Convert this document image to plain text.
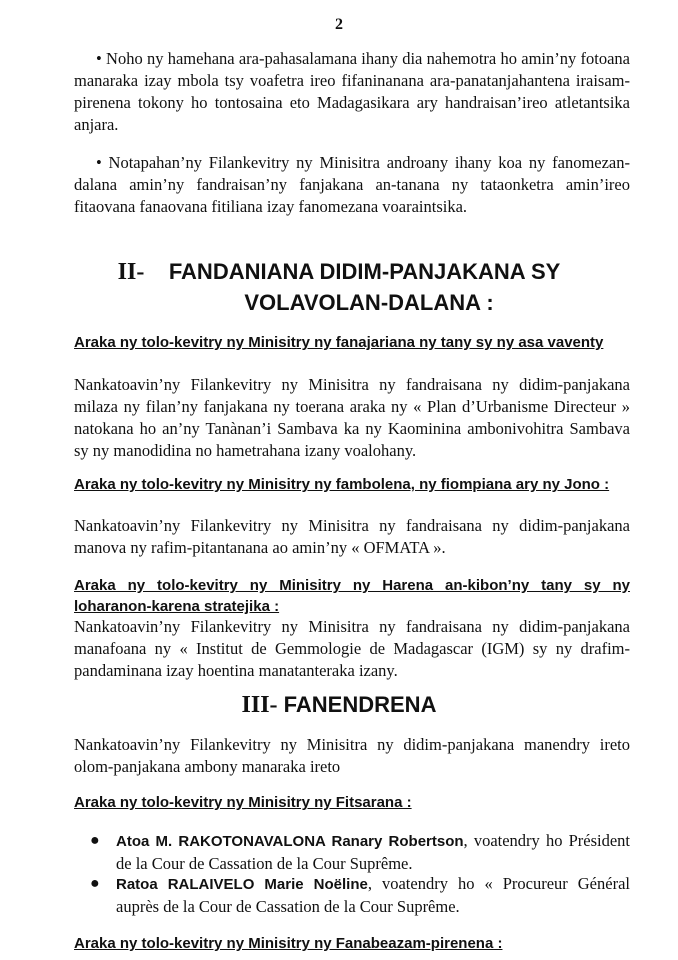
2

• Noho ny hamehana ara-pahasalamana ihany dia nahemotra ho amin’ny fotoana manaraka izay mbola tsy voafetra ireo fifaninanana ara-panatanjahantena iraisam-pirenena tokony ho tontosaina eto Madagasikara ary handraisan’ireo atletantsika anjara.

• Notapahan’ny Filankevitry ny Minisitra androany ihany koa ny fanomezan-dalana amin’ny fandraisan’ny fanjakana an-tanana ny tataonketra amin’ireo fitaovana fanaovana fitiliana izay fanomezana voaraintsika.

II- FANDANIANA DIDIM-PANJAKANA SY
VOLAVOLAN-DALANA :

Araka ny tolo-kevitry ny Minisitry ny fanajariana ny tany sy ny asa vaventy

Nankatoavin’ny Filankevitry ny Minisitra ny fandraisana ny didim-panjakana milaza ny filan’ny fanjakana ny toerana araka ny « Plan d’Urbanisme Directeur » natokana ho an’ny Tanànan’i Sambava ka ny Kaominina ambonivohitra Sambava sy ny manodidina no hametrahana izany voalohany.

Araka ny tolo-kevitry ny Minisitry ny fambolena, ny fiompiana ary ny Jono :

Nankatoavin’ny Filankevitry ny Minisitra ny fandraisana ny didim-panjakana manova ny rafim-pitantanana ao amin’ny « OFMATA ».

Araka ny tolo-kevitry ny Minisitry ny Harena an-kibon’ny tany sy ny loharanon-karena stratejika :

Nankatoavin’ny Filankevitry ny Minisitra ny fandraisana ny didim-panjakana manafoana ny « Institut de Gemmologie de Madagascar (IGM) sy ny drafim-pandaminana izay hoentina manatanteraka izany.

III- FANENDRENA

Nankatoavin’ny Filankevitry ny Minisitra ny didim-panjakana manendry ireto olom-panjakana ambony manaraka ireto

Araka ny tolo-kevitry ny Minisitry ny Fitsarana :

● Atoa M. RAKOTONAVALONA Ranary Robertson, voatendry ho Président de la Cour de Cassation de la Cour Suprême.

● Ratoa RALAIVELO Marie Noëline, voatendry ho « Procureur Général auprès de la Cour de Cassation de la Cour Suprême.

Araka ny tolo-kevitry ny Minisitry ny Fanabeazam-pirenena :
